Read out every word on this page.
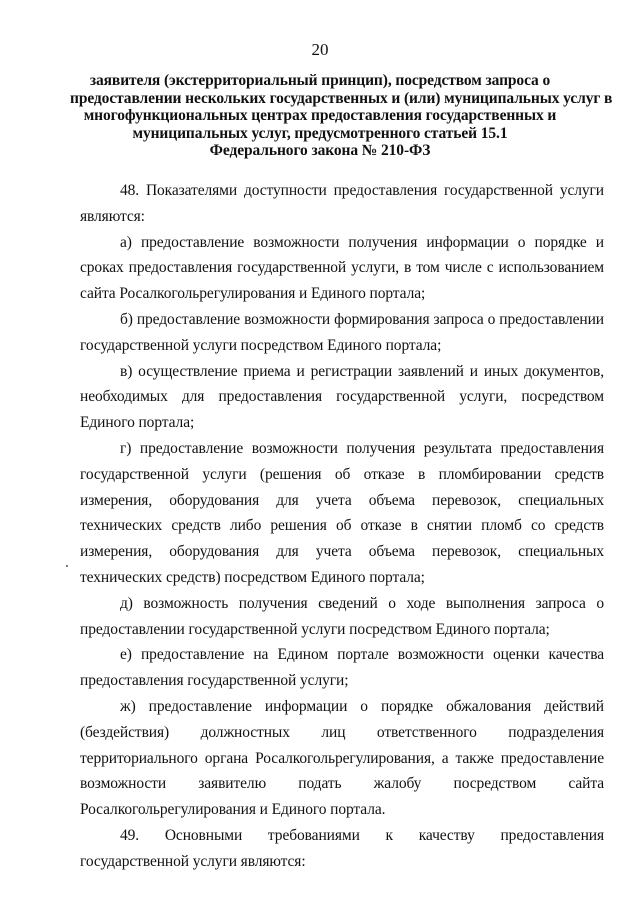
20
заявителя (экстерриториальный принцип), посредством запроса о
предоставлении нескольких государственных и (или) муниципальных услуг в
многофункциональных центрах предоставления государственных и
муниципальных услуг, предусмотренного статьей 15.1
Федерального закона № 210-ФЗ

48. Показателями доступности предоставления государственной услуги являются:

а) предоставление возможности получения информации о порядке и сроках предоставления государственной услуги, в том числе с использованием сайта Росалкогольрегулирования и Единого портала;

б) предоставление возможности формирования запроса о предоставлении государственной услуги посредством Единого портала;

в) осуществление приема и регистрации заявлений и иных документов, необходимых для предоставления государственной услуги, посредством Единого портала;

г) предоставление возможности получения результата предоставления государственной услуги (решения об отказе в пломбировании средств измерения, оборудования для учета объема перевозок, специальных технических средств либо решения об отказе в снятии пломб со средств измерения, оборудования для учета объема перевозок, специальных технических средств) посредством Единого портала;

д) возможность получения сведений о ходе выполнения запроса о предоставлении государственной услуги посредством Единого портала;

е) предоставление на Едином портале возможности оценки качества предоставления государственной услуги;

ж) предоставление информации о порядке обжалования действий (бездействия) должностных лиц ответственного подразделения территориального органа Росалкогольрегулирования, а также предоставление возможности заявителю подать жалобу посредством сайта Росалкогольрегулирования и Единого портала.

49. Основными требованиями к качеству предоставления государственной услуги являются:
